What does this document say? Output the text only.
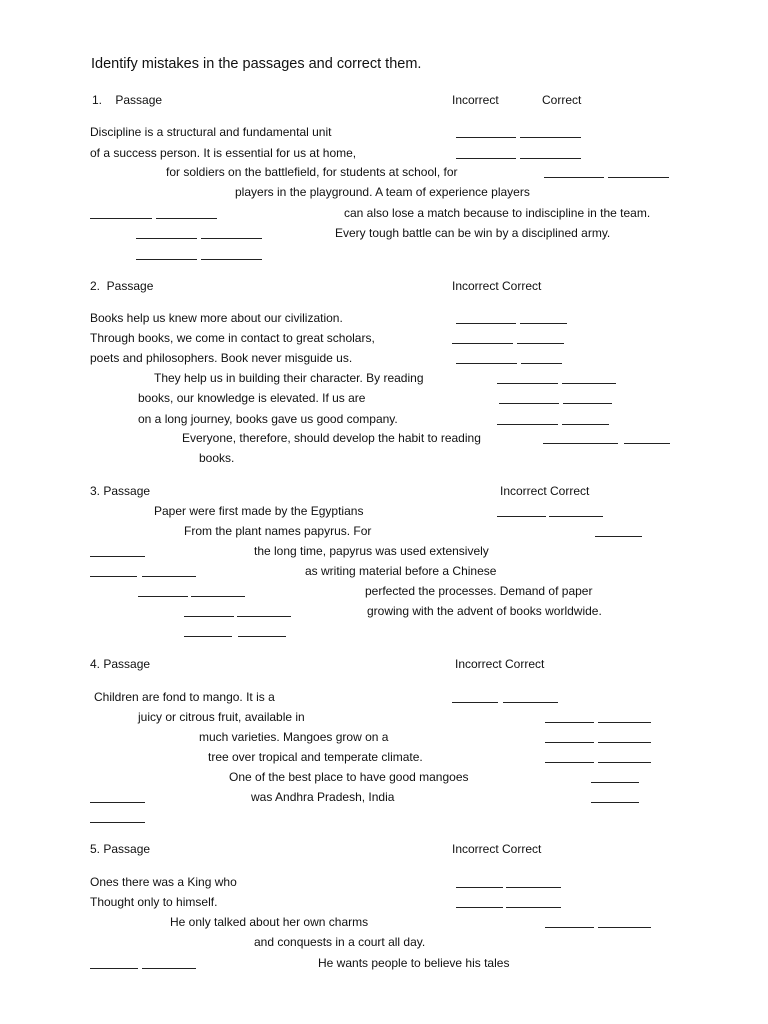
Identify mistakes in the passages and correct them.
1.    Passage	Incorrect	Correct
Discipline is a structural and fundamental unit
of a success person. It is essential for us at home,
for soldiers on the battlefield, for students at school, for
players in the playground. A team of experience players
can also lose a match because to indiscipline in the team.
Every tough battle can be win by a disciplined army.
2.  Passage	Incorrect Correct
Books help us knew more about our civilization.
Through books, we come in contact to great scholars,
poets and philosophers. Book never misguide us.
They help us in building their character. By reading
books, our knowledge is elevated. If us are
on a long journey, books gave us good company.
Everyone, therefore, should develop the habit to reading
books.
3. Passage	Incorrect Correct
Paper were first made by the Egyptians
From the plant names papyrus. For
the long time, papyrus was used extensively
as writing material before a Chinese
perfected the processes. Demand of paper
growing with the advent of books worldwide.
4. Passage	Incorrect Correct
Children are fond to mango. It is a
juicy or citrous fruit, available in
much varieties. Mangoes grow on a
tree over tropical and temperate climate.
One of the best place to have good mangoes
was Andhra Pradesh, India
5. Passage	Incorrect Correct
Ones there was a King who
Thought only to himself.
He only talked about her own charms
and conquests in a court all day.
He wants people to believe his tales
